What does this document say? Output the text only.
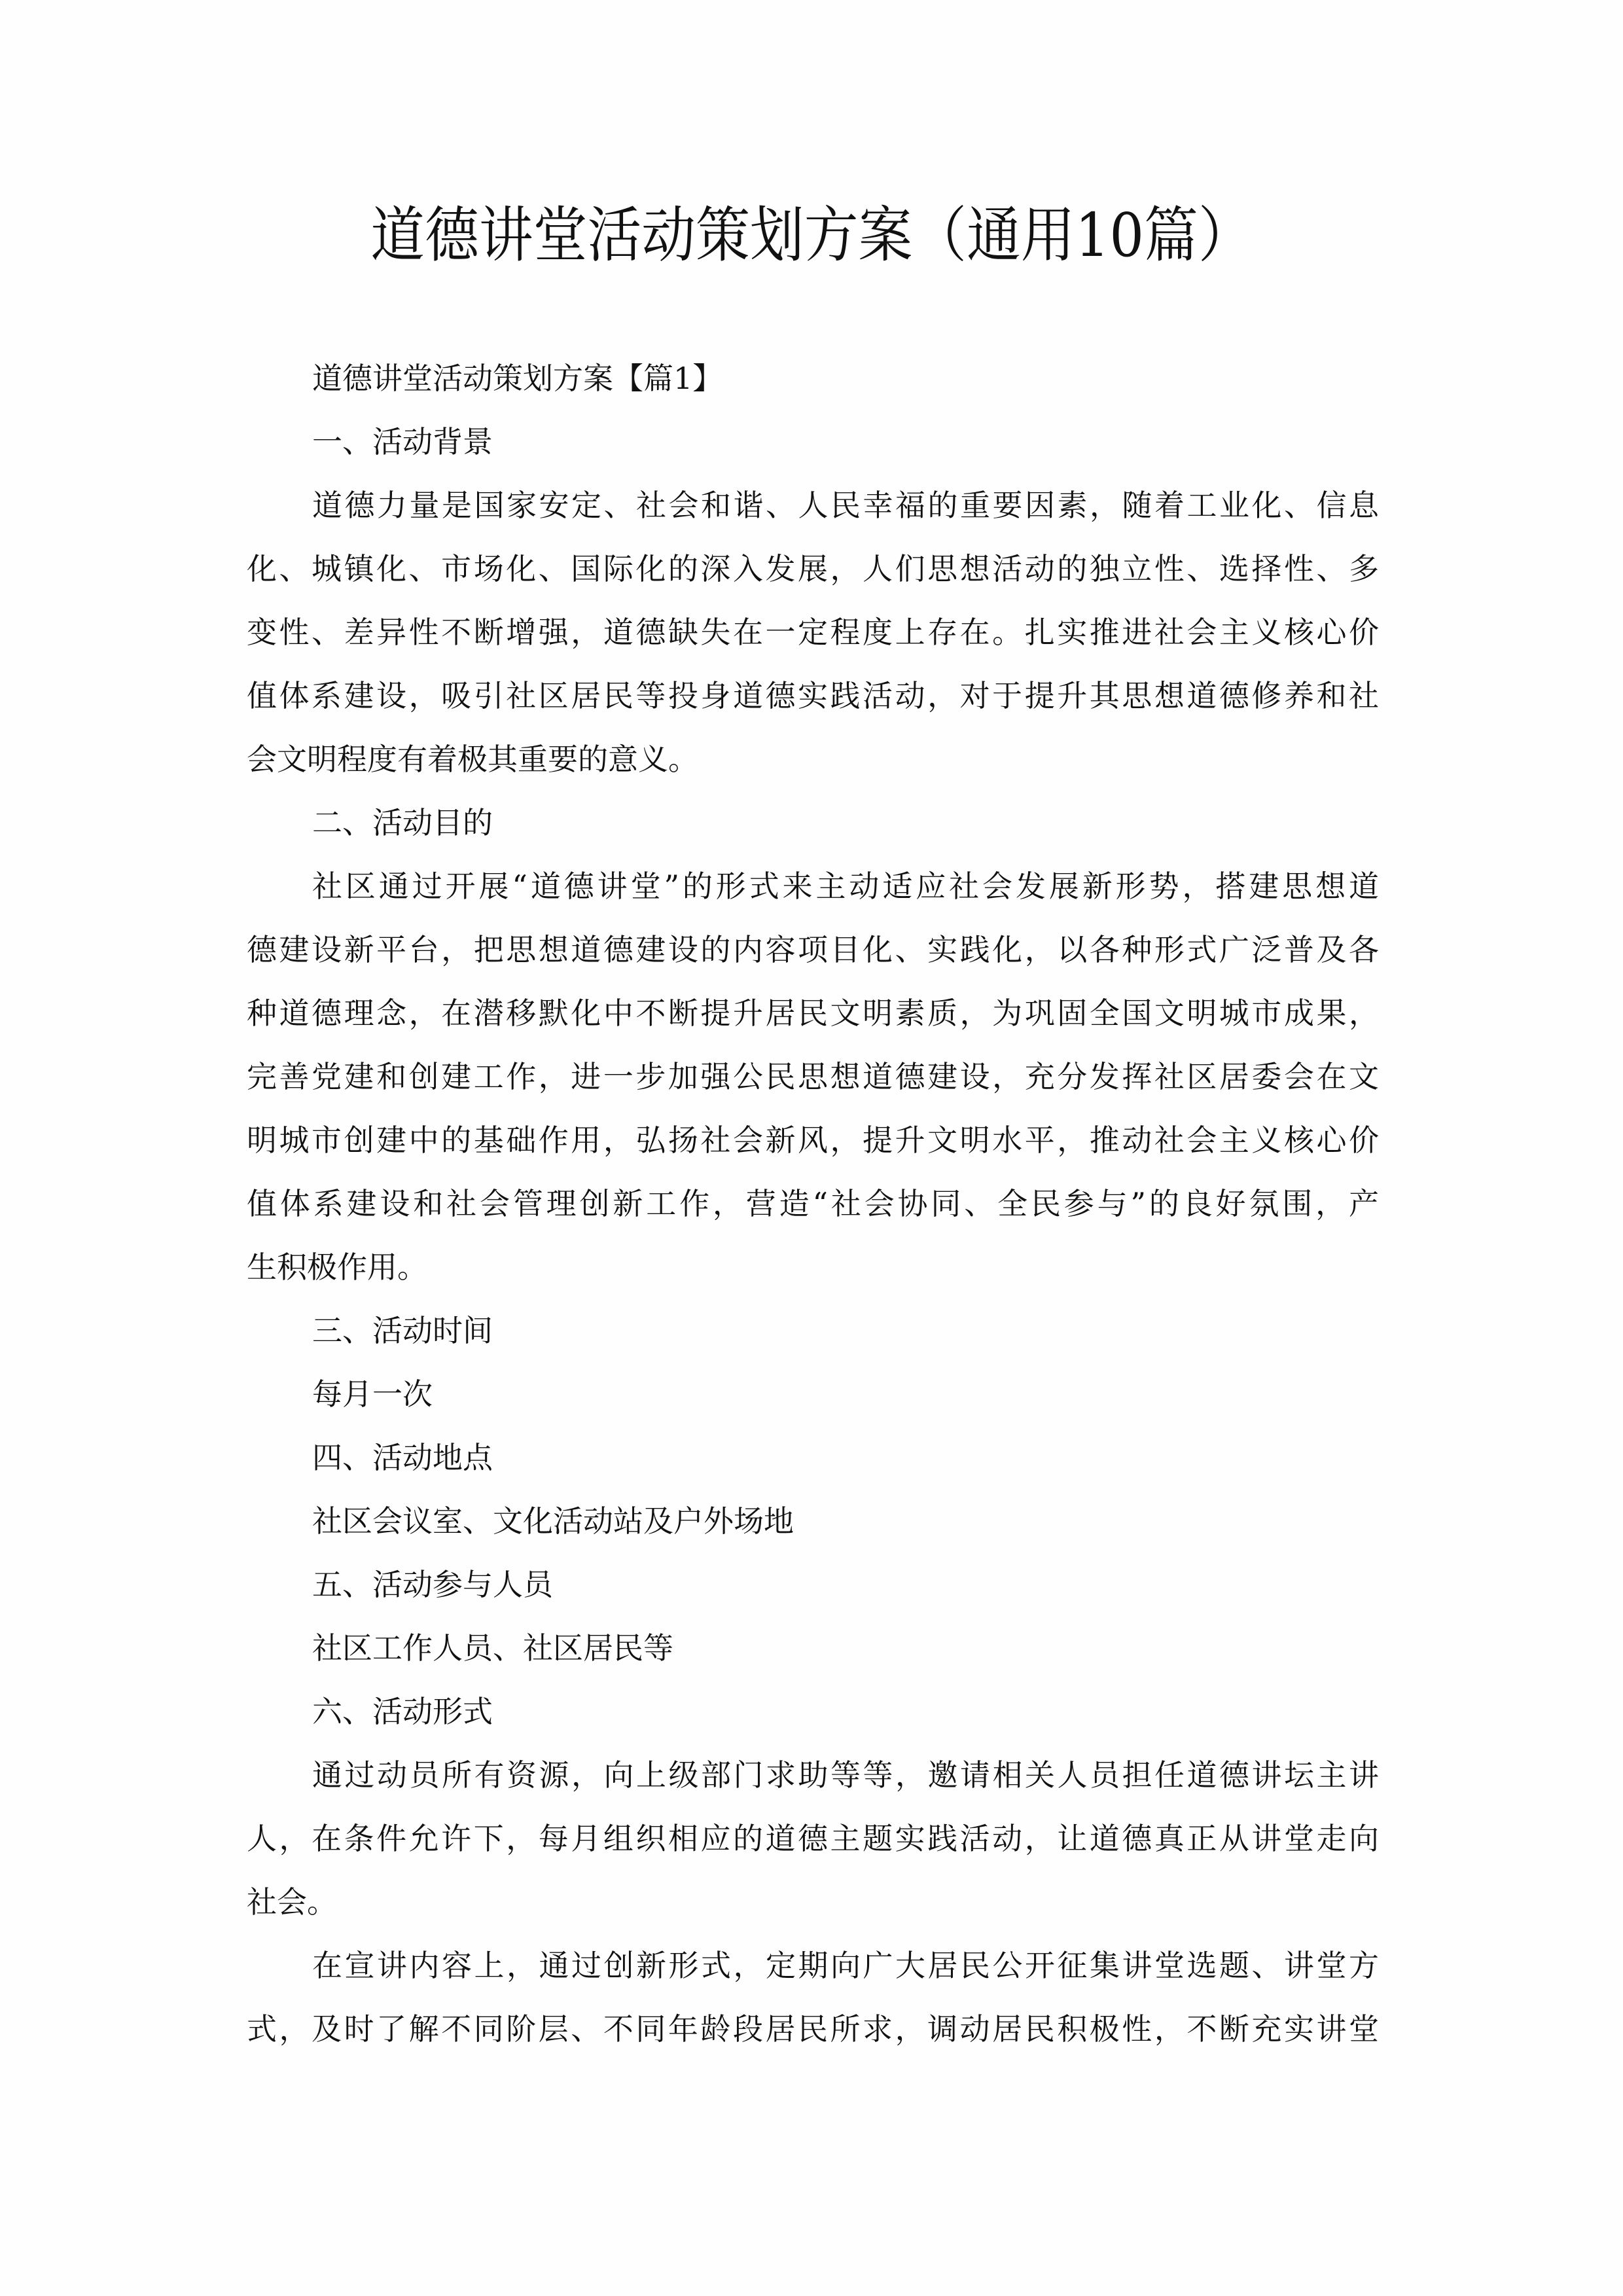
道德讲堂活动策划方案（通用10篇）
道德讲堂活动策划方案【篇1】
一、活动背景
道德力量是国家安定、社会和谐、人民幸福的重要因素，随着工业化、信息
化、城镇化、市场化、国际化的深入发展，人们思想活动的独立性、选择性、多
变性、差异性不断增强，道德缺失在一定程度上存在。扎实推进社会主义核心价
值体系建设，吸引社区居民等投身道德实践活动，对于提升其思想道德修养和社
会文明程度有着极其重要的意义。
二、活动目的
社区通过开展“道德讲堂”的形式来主动适应社会发展新形势，搭建思想道
德建设新平台，把思想道德建设的内容项目化、实践化，以各种形式广泛普及各
种道德理念，在潜移默化中不断提升居民文明素质，为巩固全国文明城市成果，
完善党建和创建工作，进一步加强公民思想道德建设，充分发挥社区居委会在文
明城市创建中的基础作用，弘扬社会新风，提升文明水平，推动社会主义核心价
值体系建设和社会管理创新工作，营造“社会协同、全民参与”的良好氛围，产
生积极作用。
三、活动时间
每月一次
四、活动地点
社区会议室、文化活动站及户外场地
五、活动参与人员
社区工作人员、社区居民等
六、活动形式
通过动员所有资源，向上级部门求助等等，邀请相关人员担任道德讲坛主讲
人，在条件允许下，每月组织相应的道德主题实践活动，让道德真正从讲堂走向
社会。
在宣讲内容上，通过创新形式，定期向广大居民公开征集讲堂选题、讲堂方
式，及时了解不同阶层、不同年龄段居民所求，调动居民积极性，不断充实讲堂
